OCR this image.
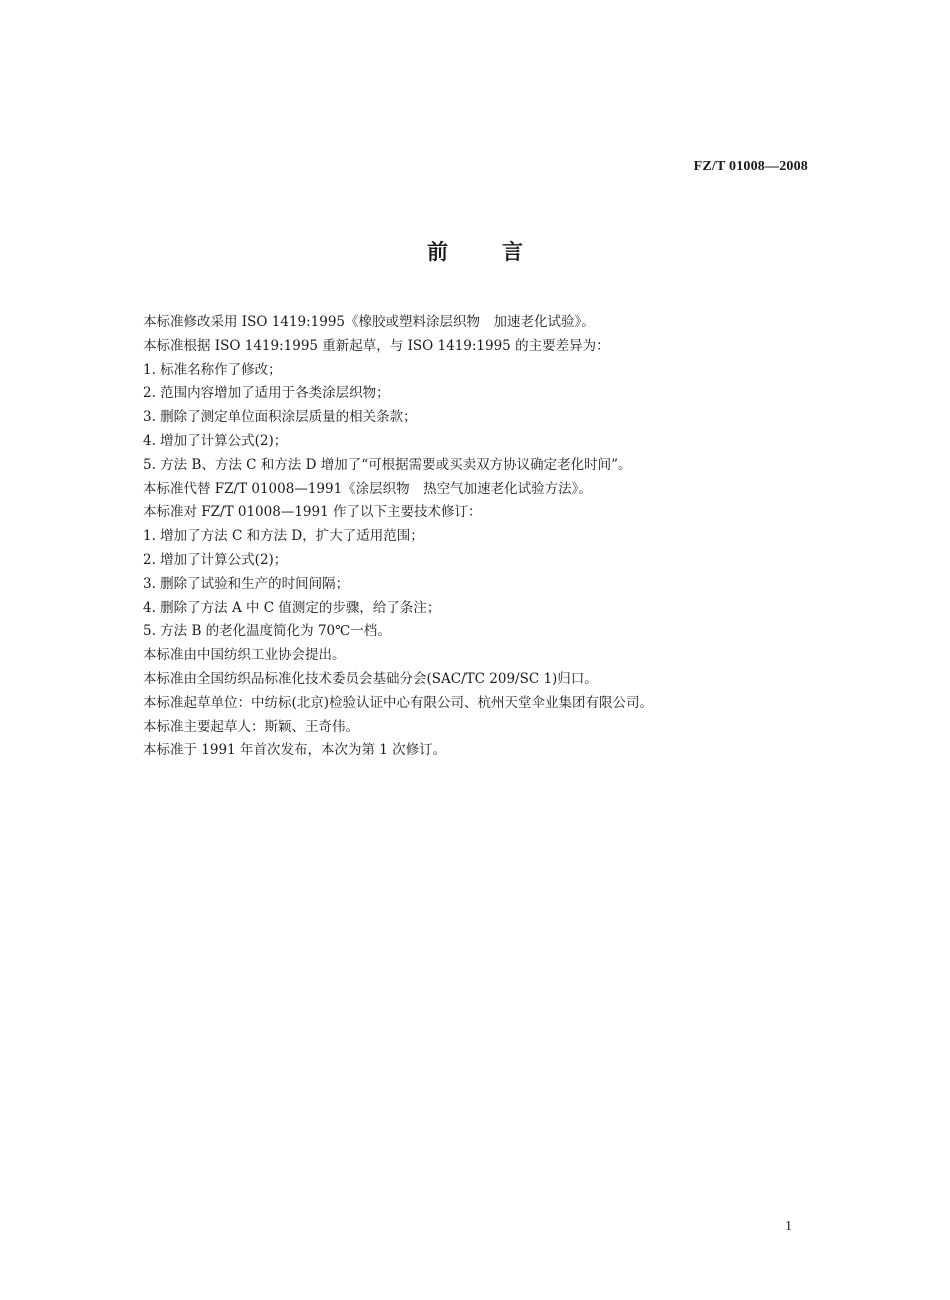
FZ/T 01008—2008

前言

本标准修改采用 ISO 1419:1995《橡胶或塑料涂层织物　加速老化试验》。

本标准根据 ISO 1419:1995 重新起草，与 ISO 1419:1995 的主要差异为：

1. 标准名称作了修改；

2. 范围内容增加了适用于各类涂层织物；

3. 删除了测定单位面积涂层质量的相关条款；

4. 增加了计算公式(2)；

5. 方法 B、方法 C 和方法 D 增加了“可根据需要或买卖双方协议确定老化时间”。

本标准代替 FZ/T 01008—1991《涂层织物　热空气加速老化试验方法》。

本标准对 FZ/T 01008—1991 作了以下主要技术修订：

1. 增加了方法 C 和方法 D，扩大了适用范围；

2. 增加了计算公式(2)；

3. 删除了试验和生产的时间间隔；

4. 删除了方法 A 中 C 值测定的步骤，给了条注；

5. 方法 B 的老化温度简化为 70℃一档。

本标准由中国纺织工业协会提出。

本标准由全国纺织品标准化技术委员会基础分会(SAC/TC 209/SC 1)归口。

本标准起草单位：中纺标(北京)检验认证中心有限公司、杭州天堂伞业集团有限公司。

本标准主要起草人：斯颖、王奇伟。

本标准于 1991 年首次发布，本次为第 1 次修订。

1
